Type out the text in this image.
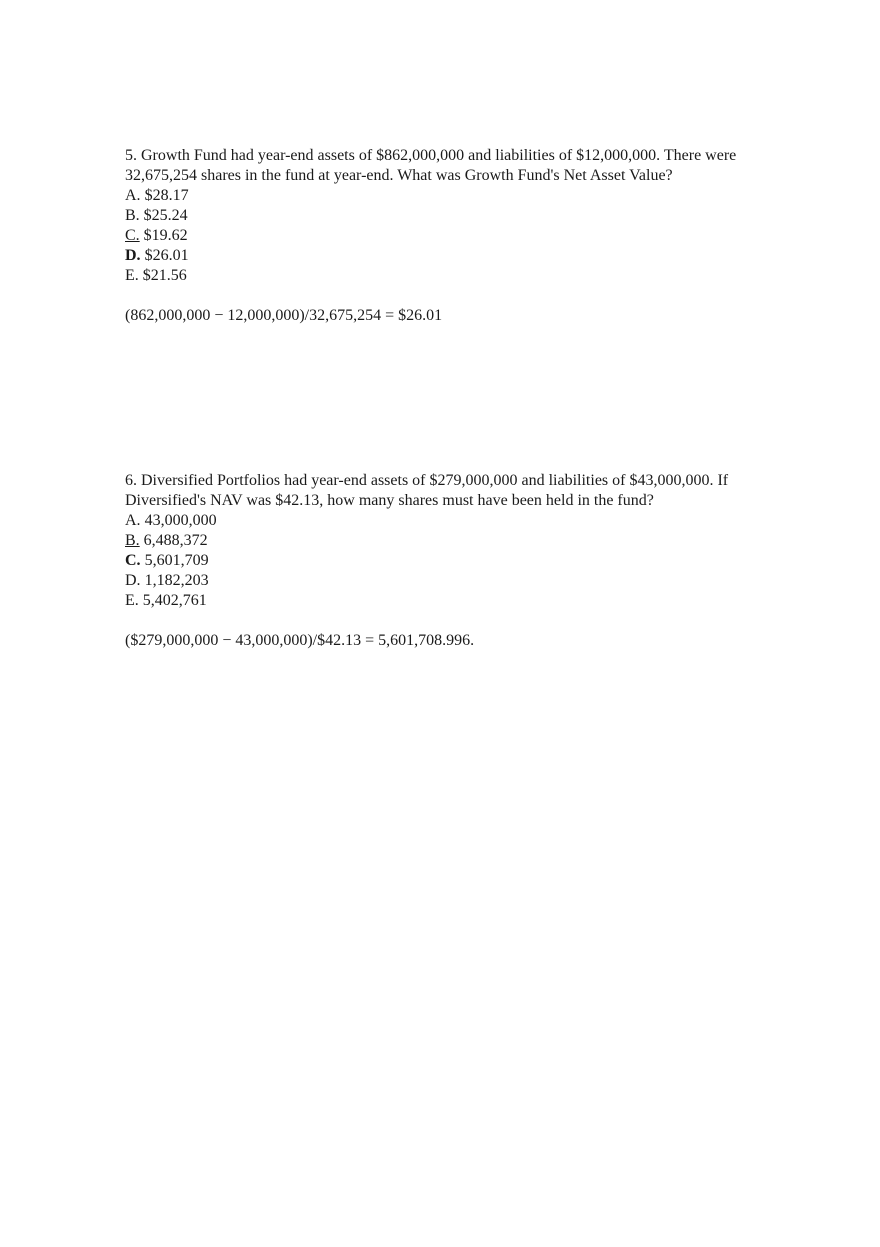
5. Growth Fund had year-end assets of $862,000,000 and liabilities of $12,000,000. There were 32,675,254 shares in the fund at year-end. What was Growth Fund's Net Asset Value?

A. $28.17
B. $25.24
C. $19.62
D. $26.01
E. $21.56

(862,000,000 − 12,000,000)/32,675,254 = $26.01

6. Diversified Portfolios had year-end assets of $279,000,000 and liabilities of $43,000,000. If Diversified's NAV was $42.13, how many shares must have been held in the fund?

A. 43,000,000
B. 6,488,372
C. 5,601,709
D. 1,182,203
E. 5,402,761

($279,000,000 − 43,000,000)/$42.13 = 5,601,708.996.
